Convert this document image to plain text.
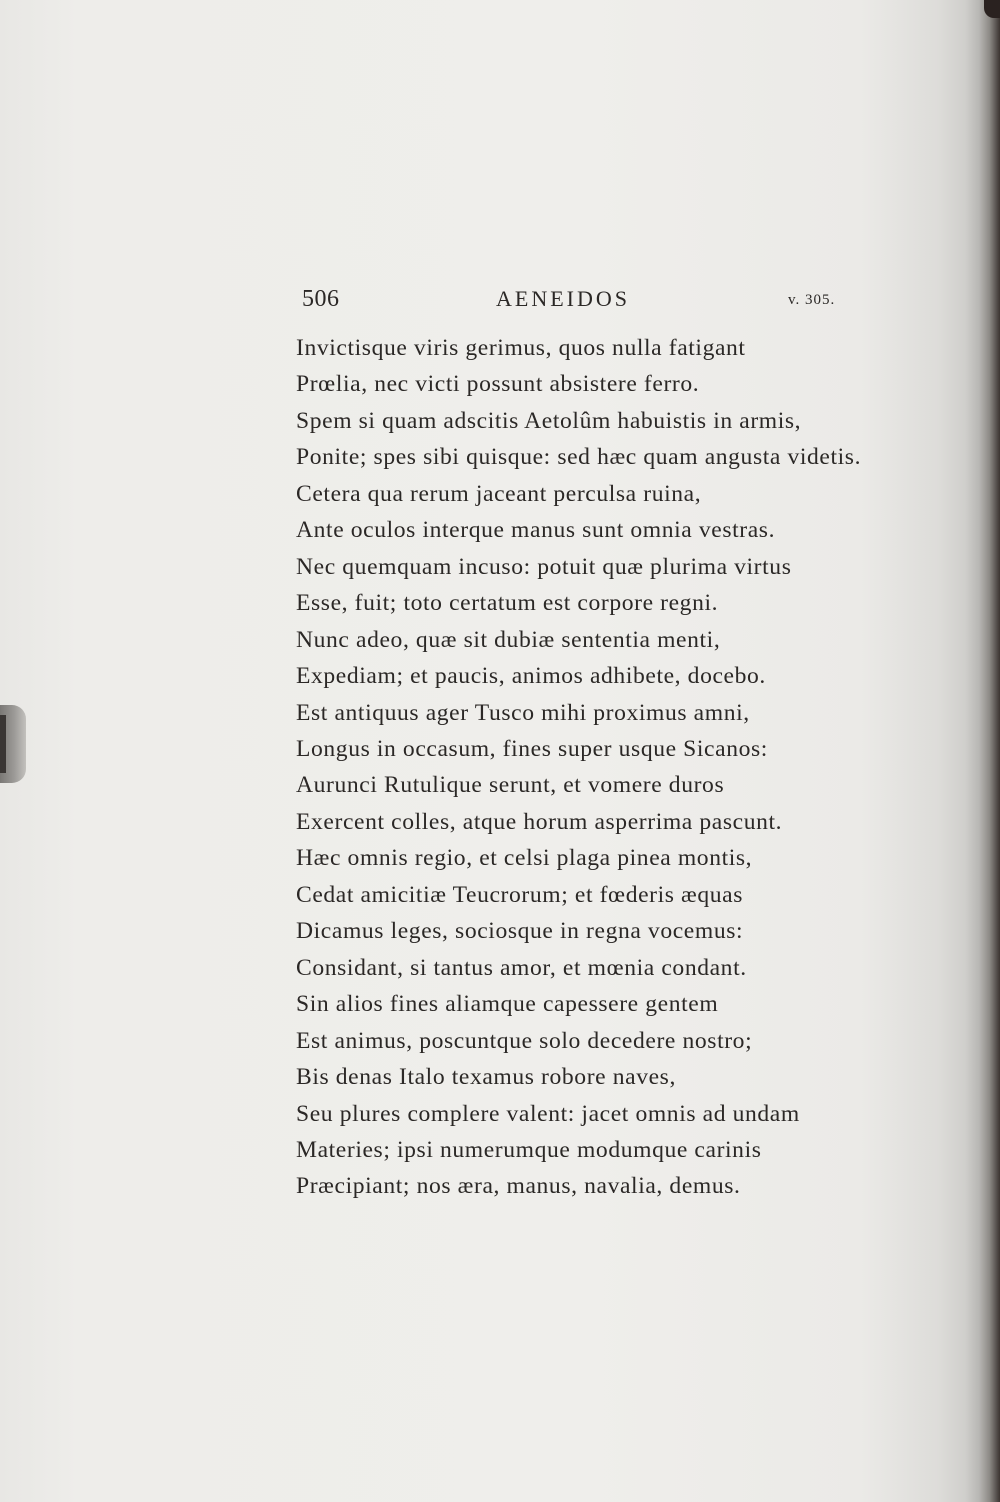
506	AENEIDOS	v. 305.
Invictisque viris gerimus, quos nulla fatigant
Prœlia, nec victi possunt absistere ferro.
Spem si quam adscitis Aetolûm habuistis in armis,
Ponite; spes sibi quisque: sed hæc quam angusta videtis.
Cetera qua rerum jaceant perculsa ruina,
Ante oculos interque manus sunt omnia vestras.
Nec quemquam incuso: potuit quæ plurima virtus
Esse, fuit; toto certatum est corpore regni.
Nunc adeo, quæ sit dubiæ sententia menti,
Expediam; et paucis, animos adhibete, docebo.
Est antiquus ager Tusco mihi proximus amni,
Longus in occasum, fines super usque Sicanos:
Aurunci Rutulique serunt, et vomere duros
Exercent colles, atque horum asperrima pascunt.
Hæc omnis regio, et celsi plaga pinea montis,
Cedat amicitiæ Teucrorum; et fœderis æquas
Dicamus leges, sociosque in regna vocemus:
Considant, si tantus amor, et mœnia condant.
Sin alios fines aliamque capessere gentem
Est animus, poscuntque solo decedere nostro;
Bis denas Italo texamus robore naves,
Seu plures complere valent: jacet omnis ad undam
Materies; ipsi numerumque modumque carinis
Præcipiant; nos æra, manus, navalia, demus.
